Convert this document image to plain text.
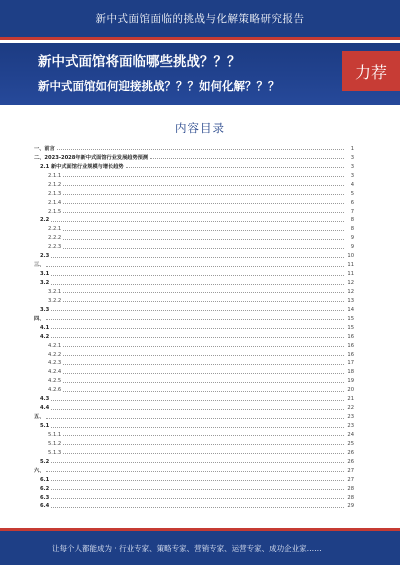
新中式面馆面临的挑战与化解策略研究报告
新中式面馆将面临哪些挑战？？？
新中式面馆如何迎接挑战？？？如何化解？？？
力荐
内容目录
一、前言	1
二、2023-2028年新中式面馆行业发展趋势预测	3
2.1 新中式面馆行业规模与增长趋势	3
2.1.1	3
2.1.2	4
2.1.3	5
2.1.4	6
2.1.5	7
2.2	8
2.2.1	8
2.2.2	9
2.2.3	9
2.3	10
三、	11
3.1	11
3.2	12
3.2.1	12
3.2.2	13
3.3	14
四、	15
4.1	15
4.2	16
4.2.1	16
4.2.2	16
4.2.3	17
4.2.4	18
4.2.5	19
4.2.6	20
4.3	21
4.4	22
五、	23
5.1	23
5.1.1	24
5.1.2	25
5.1.3	26
5.2	26
六、	27
6.1	27
6.2	28
6.3	28
6.4	29
让每个人都能成为 · 行业专家、策略专家、营销专家、运营专家、成功企业家……
